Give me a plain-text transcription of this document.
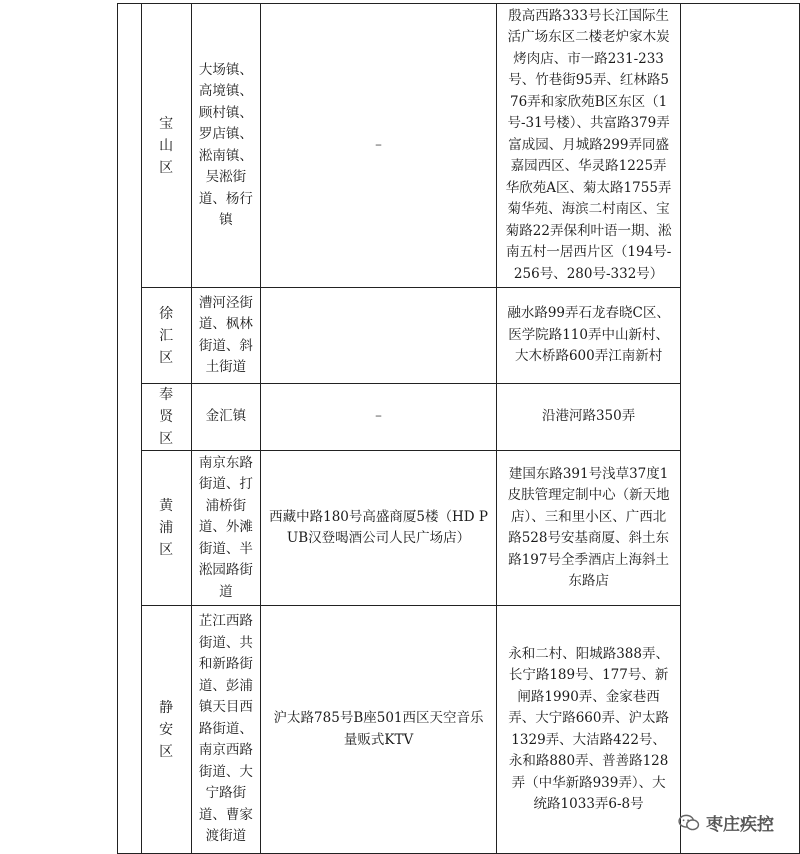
	宝山区	大场镇、高境镇、顾村镇、罗店镇、淞南镇、吴淞街道、杨行镇	–	殷高西路333号长江国际生活广场东区二楼老炉家木炭烤肉店、市一路231-233号、竹巷街95弄、红林路576弄和家欣苑B区东区（1号-31号楼）、共富路379弄富成园、月城路299弄同盛嘉园西区、华灵路1225弄华欣苑A区、菊太路1755弄菊华苑、海滨二村南区、宝菊路22弄保利叶语一期、淞南五村一居西片区（194号-256号、280号-332号）	
	徐汇区	漕河泾街道、枫林街道、斜土街道		融水路99弄石龙春晓C区、医学院路110弄中山新村、大木桥路600弄江南新村	
	奉贤区	金汇镇	–	沿港河路350弄	
	黄浦区	南京东路街道、打浦桥街道、外滩街道、半淞园路街道	西藏中路180号高盛商厦5楼（HD PUB汉登喝酒公司人民广场店）	建国东路391号浅草37度1皮肤管理定制中心（新天地店）、三和里小区、广西北路528号安基商厦、斜土东路197号全季酒店上海斜土东路店	
	静安区	芷江西路街道、共和新路街道、彭浦镇天目西路街道、南京西路街道、大宁路街道、曹家渡街道	沪太路785号B座501西区天空音乐量贩式KTV	永和二村、阳城路388弄、长宁路189号、177号、新闸路1990弄、金家巷西弄、大宁路660弄、沪太路1329弄、大洁路422号、永和路880弄、普善路128弄（中华新路939弄）、大统路1033弄6-8号	
枣庄疾控
